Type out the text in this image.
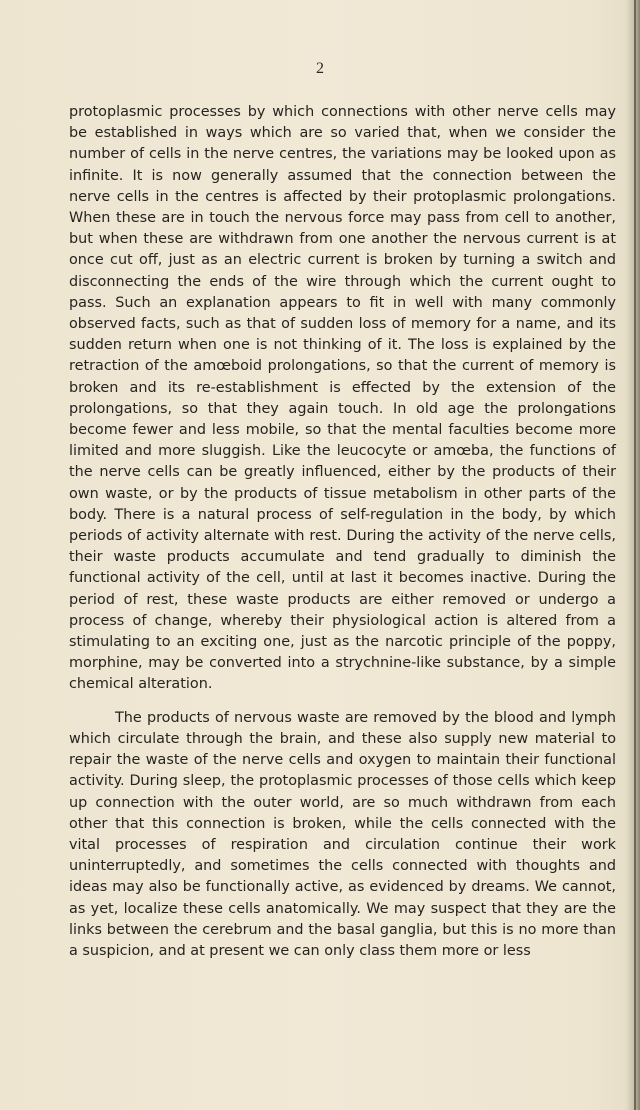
2

protoplasmic processes by which connections with other nerve cells may be established in ways which are so varied that, when we consider the number of cells in the nerve centres, the variations may be looked upon as infinite. It is now generally assumed that the connection between the nerve cells in the centres is affected by their protoplasmic prolongations. When these are in touch the nervous force may pass from cell to another, but when these are withdrawn from one another the nervous current is at once cut off, just as an electric current is broken by turning a switch and disconnecting the ends of the wire through which the current ought to pass. Such an explanation appears to fit in well with many commonly observed facts, such as that of sudden loss of memory for a name, and its sudden return when one is not thinking of it. The loss is explained by the retraction of the amœboid prolongations, so that the current of memory is broken and its re-establishment is effected by the extension of the prolongations, so that they again touch. In old age the prolongations become fewer and less mobile, so that the mental faculties become more limited and more sluggish. Like the leucocyte or amœba, the functions of the nerve cells can be greatly influenced, either by the products of their own waste, or by the products of tissue metabolism in other parts of the body. There is a natural process of self-regulation in the body, by which periods of activity alternate with rest. During the activity of the nerve cells, their waste products accumulate and tend gradually to diminish the functional activity of the cell, until at last it becomes inactive. During the period of rest, these waste products are either removed or undergo a process of change, whereby their physiological action is altered from a stimulating to an exciting one, just as the narcotic principle of the poppy, morphine, may be converted into a strychnine-like substance, by a simple chemical alteration.

The products of nervous waste are removed by the blood and lymph which circulate through the brain, and these also supply new material to repair the waste of the nerve cells and oxygen to maintain their functional activity. During sleep, the protoplasmic processes of those cells which keep up connection with the outer world, are so much withdrawn from each other that this connection is broken, while the cells connected with the vital processes of respiration and circulation continue their work uninterruptedly, and sometimes the cells connected with thoughts and ideas may also be functionally active, as evidenced by dreams. We cannot, as yet, localize these cells anatomically. We may suspect that they are the links between the cerebrum and the basal ganglia, but this is no more than a suspicion, and at present we can only class them more or less
